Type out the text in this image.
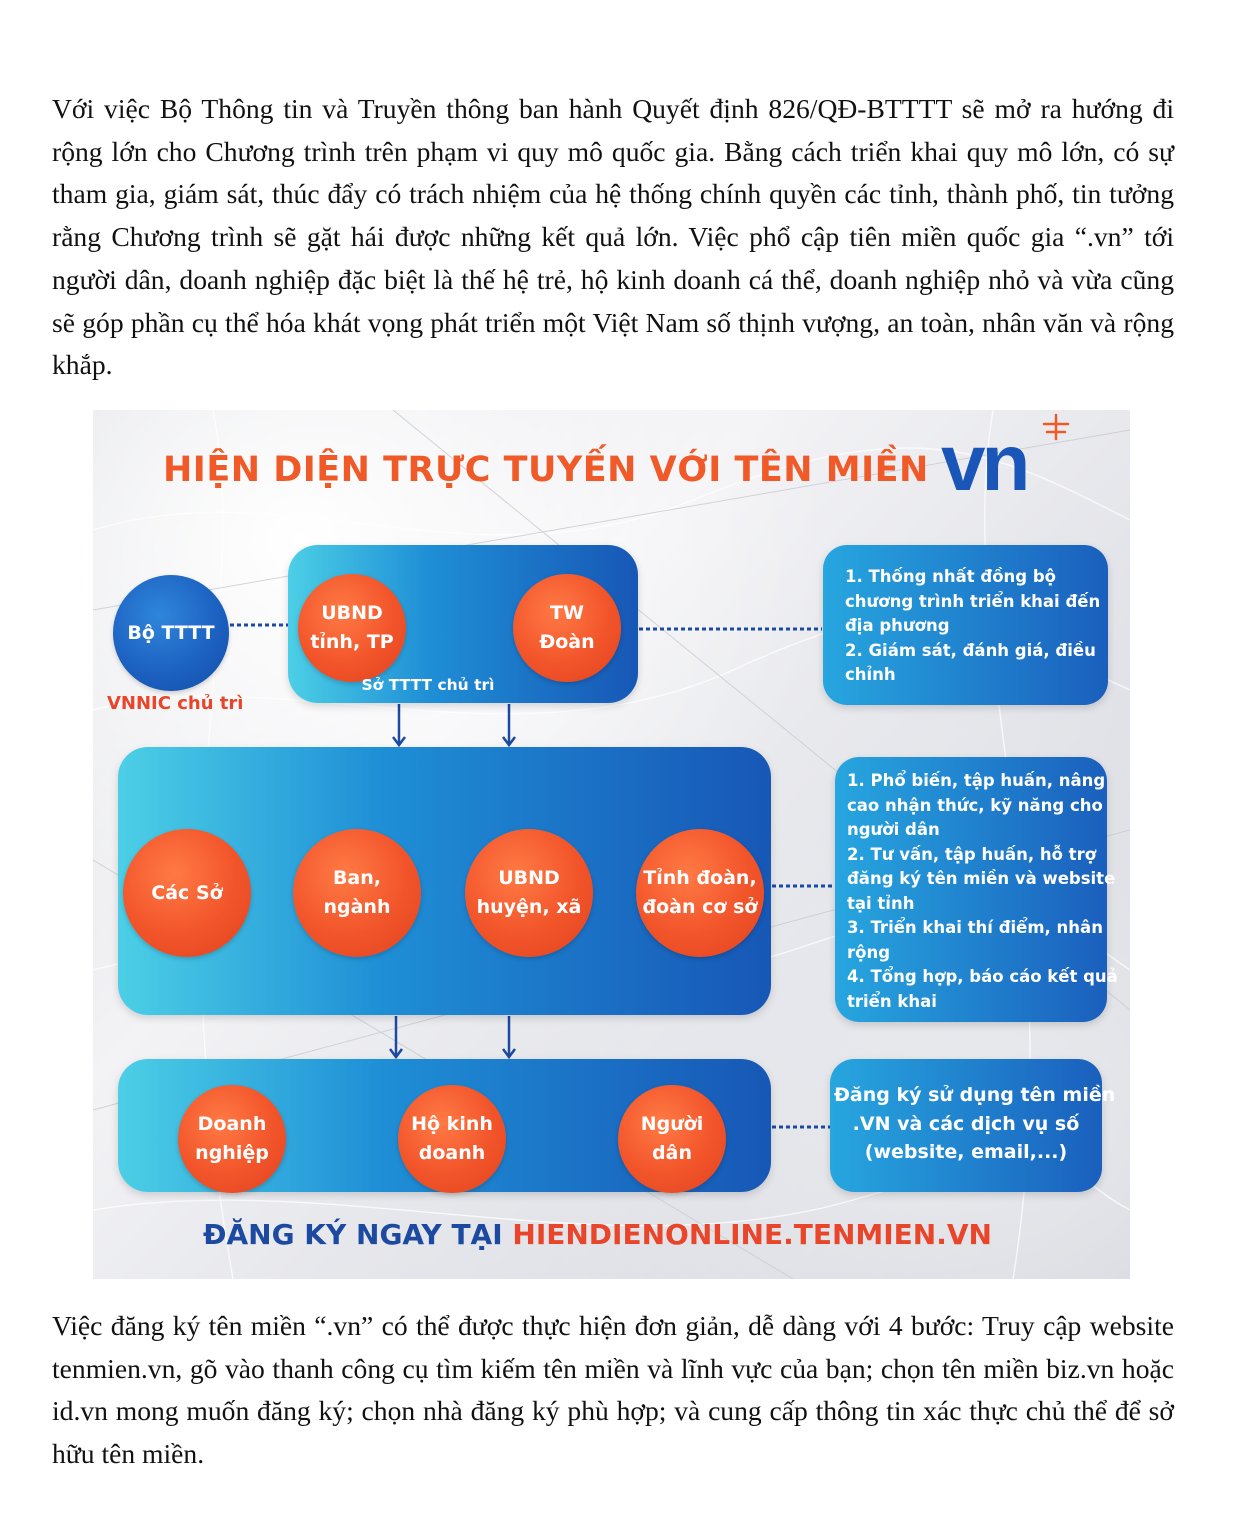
Với việc Bộ Thông tin và Truyền thông ban hành Quyết định 826/QĐ-BTTTT sẽ mở ra hướng đi rộng lớn cho Chương trình trên phạm vi quy mô quốc gia. Bằng cách triển khai quy mô lớn, có sự tham gia, giám sát, thúc đẩy có trách nhiệm của hệ thống chính quyền các tỉnh, thành phố, tin tưởng rằng Chương trình sẽ gặt hái được những kết quả lớn. Việc phổ cập tiên miền quốc gia “.vn” tới người dân, doanh nghiệp đặc biệt là thế hệ trẻ, hộ kinh doanh cá thể, doanh nghiệp nhỏ và vừa cũng sẽ góp phần cụ thể hóa khát vọng phát triển một Việt Nam số thịnh vượng, an toàn, nhân văn và rộng khắp.

HIỆN DIỆN TRỰC TUYẾN VỚI TÊN MIỀN vn
Bộ TTTT
VNNIC chủ trì
UBND
tỉnh, TP
TW
Đoàn
Sở TTTT chủ trì
1. Thống nhất đồng bộ
chương trình triển khai đến
địa phương
2. Giám sát, đánh giá, điều
chỉnh
Các Sở
Ban,
ngành
UBND
huyện, xã
Tỉnh đoàn,
đoàn cơ sở
1. Phổ biến, tập huấn, nâng
cao nhận thức, kỹ năng cho
người dân
2. Tư vấn, tập huấn, hỗ trợ
đăng ký tên miền và website
tại tỉnh
3. Triển khai thí điểm, nhân
rộng
4. Tổng hợp, báo cáo kết quả
triển khai
Doanh
nghiệp
Hộ kinh
doanh
Người
dân
Đăng ký sử dụng tên miền
.VN và các dịch vụ số
(website, email,...)
ĐĂNG KÝ NGAY TẠI HIENDIENONLINE.TENMIEN.VN

Việc đăng ký tên miền “.vn” có thể được thực hiện đơn giản, dễ dàng với 4 bước: Truy cập website tenmien.vn, gõ vào thanh công cụ tìm kiếm tên miền và lĩnh vực của bạn; chọn tên miền biz.vn hoặc id.vn mong muốn đăng ký; chọn nhà đăng ký phù hợp; và cung cấp thông tin xác thực chủ thể để sở hữu tên miền.
